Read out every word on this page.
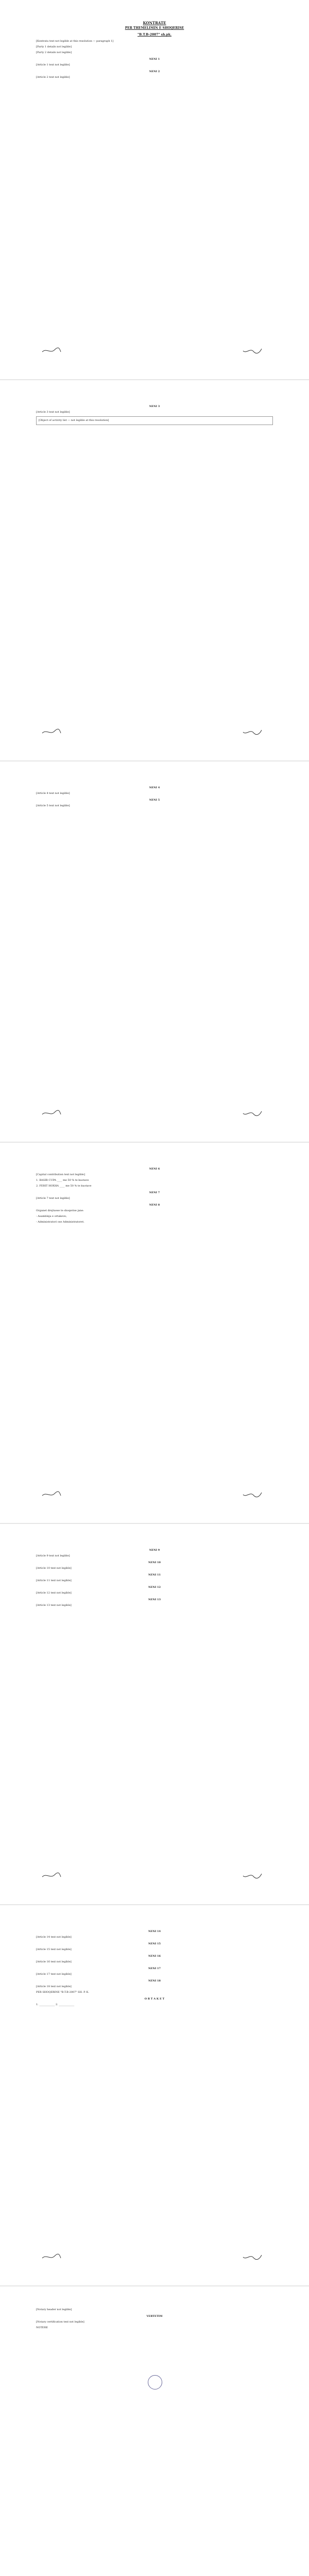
KONTRATE

PER THEMELIMIN E SHOQERISE

"B.T.B-2007" sh.pk.

[Kontrata text not legible at this resolution — paragraph 1]

[Party 1 details not legible]

[Party 2 details not legible]

NENI 1

[Article 1 text not legible]

NENI 2

[Article 2 text not legible]

NENI 3

[Article 3 text not legible]

[Object of activity list — not legible at this resolution]

NENI 4

[Article 4 text not legible]

NENI 5

[Article 5 text not legible]

NENI 6

[Capital contribution text not legible]

1. BASIR CUPA ____ me 50 % te kuotave

2. FERIT HOXHA ____ me 50 % te kuotave

NENI 7

[Article 7 text not legible]

NENI 8

Organet drejtuese te shoqerise jane:

- Asambleja e ortakeve;

- Administratori ose Administratoret.

NENI 9

[Article 9 text not legible]

NENI 10

[Article 10 text not legible]

NENI 11

[Article 11 text not legible]

NENI 12

[Article 12 text not legible]

NENI 13

[Article 13 text not legible]

NENI 14

[Article 14 text not legible]

NENI 15

[Article 15 text not legible]

NENI 16

[Article 16 text not legible]

NENI 17

[Article 17 text not legible]

NENI 18

[Article 18 text not legible]

PER SHOQERINE "B.T.B-2007" SH. P. K.

O R T A K E T

1. ____________ 2. ____________

[Notary header not legible]

VERTETIM

[Notary certification text not legible]

NOTERE
